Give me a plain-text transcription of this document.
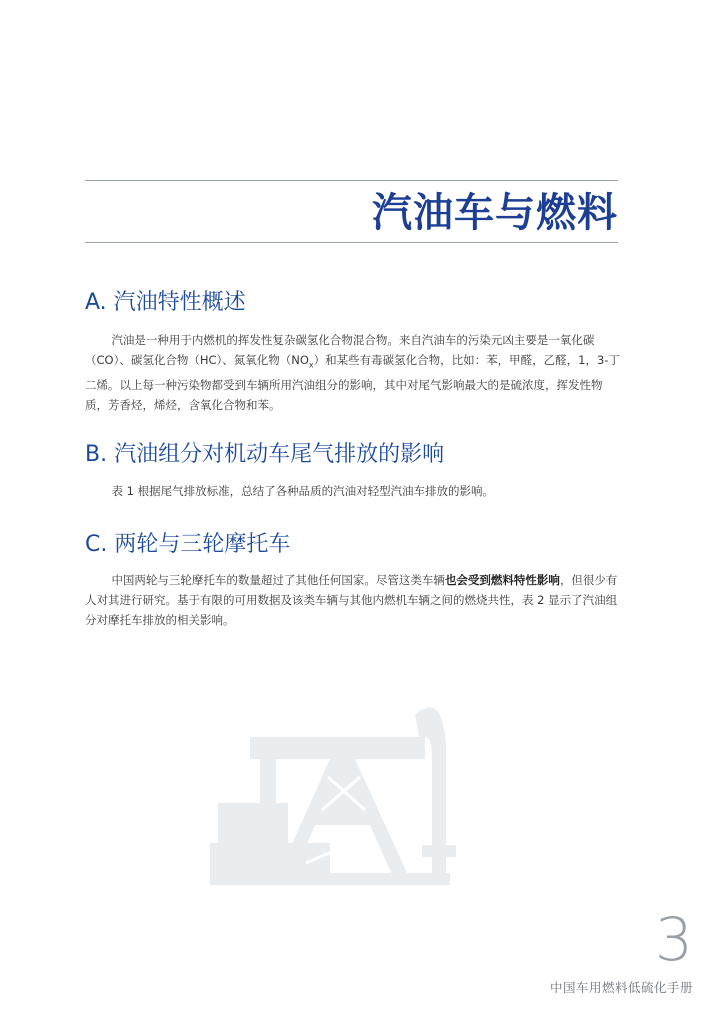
汽油车与燃料
A. 汽油特性概述

汽油是一种用于内燃机的挥发性复杂碳氢化合物混合物。来自汽油车的污染元凶主要是一氧化碳（CO）、碳氢化合物（HC）、氮氧化物$(NO_x)$和某些有毒碳氢化合物，比如：苯，甲醛，乙醛，1，3-丁二烯。以上每一种污染物都受到车辆所用汽油组分的影响，其中对尾气影响最大的是硫浓度，挥发性物质，芳香烃，烯烃，含氧化合物和苯。

B. 汽油组分对机动车尾气排放的影响

表 1 根据尾气排放标准，总结了各种品质的汽油对轻型汽油车排放的影响。

C. 两轮与三轮摩托车

中国两轮与三轮摩托车的数量超过了其他任何国家。尽管这类车辆也会受到燃料特性影响，但很少有人对其进行研究。基于有限的可用数据及该类车辆与其他内燃机车辆之间的燃烧共性，表 2 显示了汽油组分对摩托车排放的相关影响。

3
中国车用燃料低硫化手册
